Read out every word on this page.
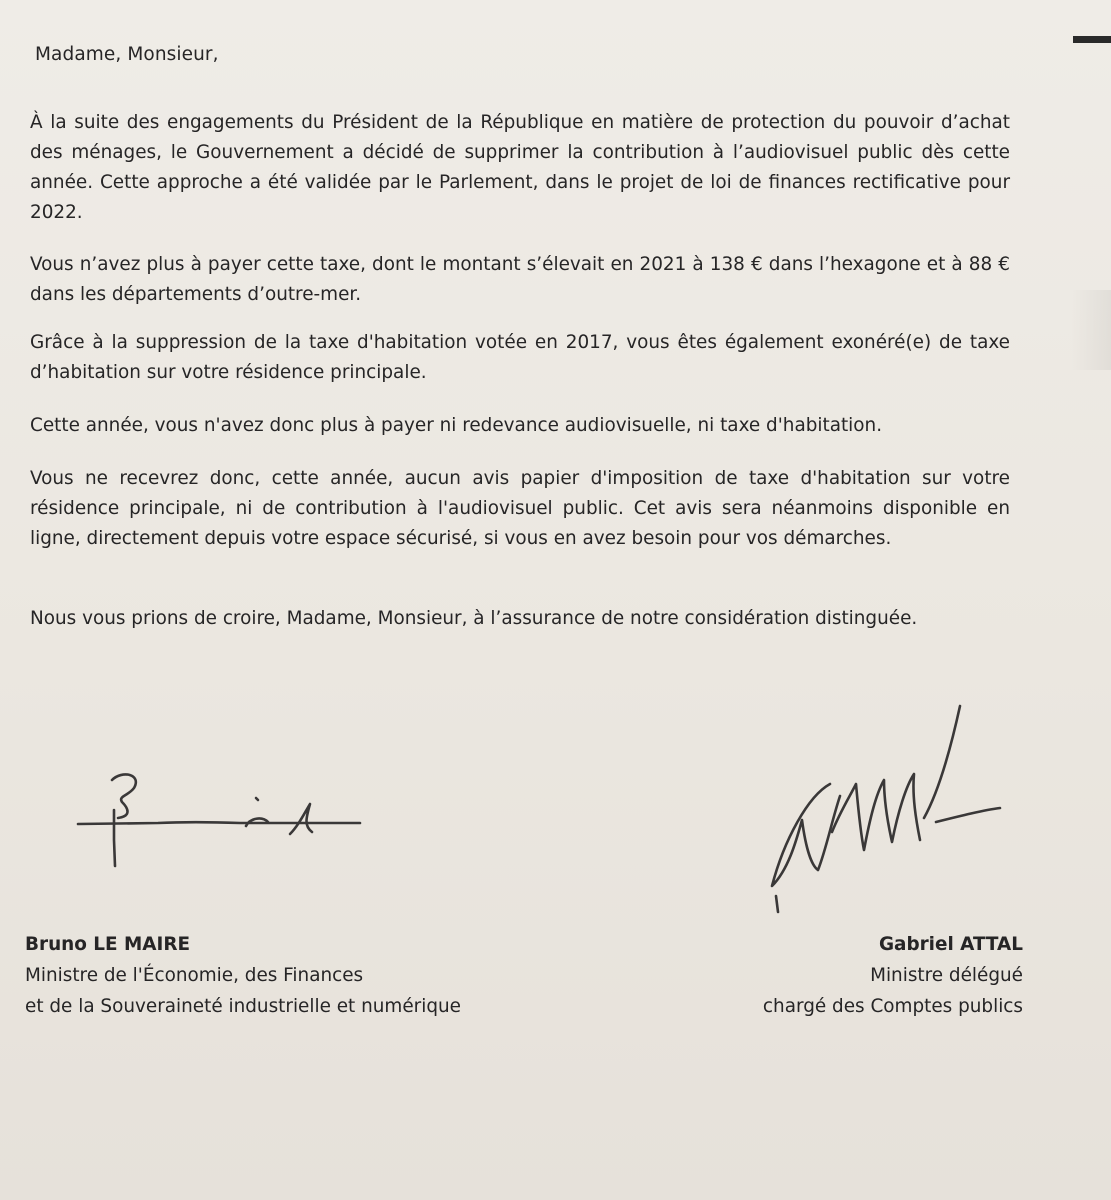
Madame, Monsieur,

À la suite des engagements du Président de la République en matière de protection du pouvoir d’achat des ménages, le Gouvernement a décidé de supprimer la contribution à l’audiovisuel public dès cette année. Cette approche a été validée par le Parlement, dans le projet de loi de finances rectificative pour 2022.

Vous n’avez plus à payer cette taxe, dont le montant s’élevait en 2021 à 138 € dans l’hexagone et à 88 € dans les départements d’outre-mer.

Grâce à la suppression de la taxe d'habitation votée en 2017, vous êtes également exonéré(e) de taxe d’habitation sur votre résidence principale.

Cette année, vous n'avez donc plus à payer ni redevance audiovisuelle, ni taxe d'habitation.

Vous ne recevrez donc, cette année, aucun avis papier d'imposition de taxe d'habitation sur votre résidence principale, ni de contribution à l'audiovisuel public. Cet avis sera néanmoins disponible en ligne, directement depuis votre espace sécurisé, si vous en avez besoin pour vos démarches.

Nous vous prions de croire, Madame, Monsieur, à l’assurance de notre considération distinguée.

Bruno LE MAIRE
Ministre de l'Économie, des Finances
et de la Souveraineté industrielle et numérique
Gabriel ATTAL
Ministre délégué
chargé des Comptes publics
